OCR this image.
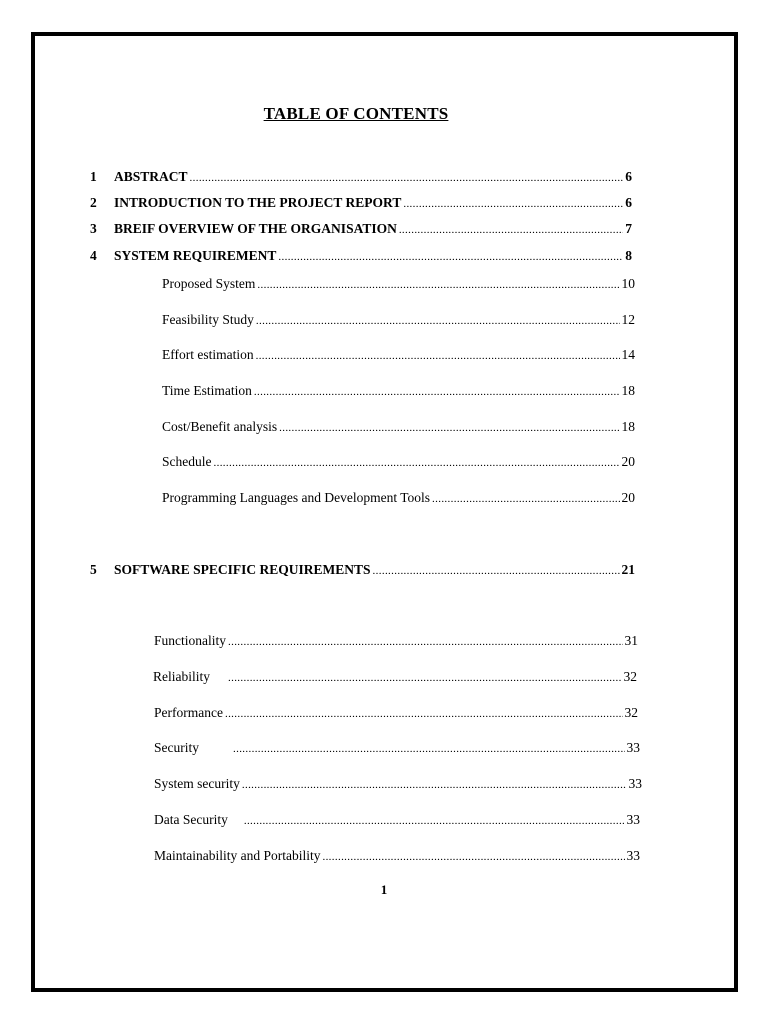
TABLE OF CONTENTS
1	ABSTRACT . . .	6
2	INTRODUCTION TO THE PROJECT REPORT . . .	6
3	BREIF OVERVIEW OF THE ORGANISATION . . .	7
4	SYSTEM REQUIREMENT . . .	8
Proposed System . . .	10
Feasibility Study . . .	12
Effort estimation . . .	14
Time Estimation . . .	18
Cost/Benefit analysis . . .	18
Schedule . . .	20
Programming Languages and Development Tools . . .	20
5	SOFTWARE SPECIFIC REQUIREMENTS . . .	21
Functionality . . .	31
Reliability . . .	32
Performance . . .	32
Security . . .	33
System security . . .	33
Data Security . . .	33
Maintainability and Portability . . .	33
1
